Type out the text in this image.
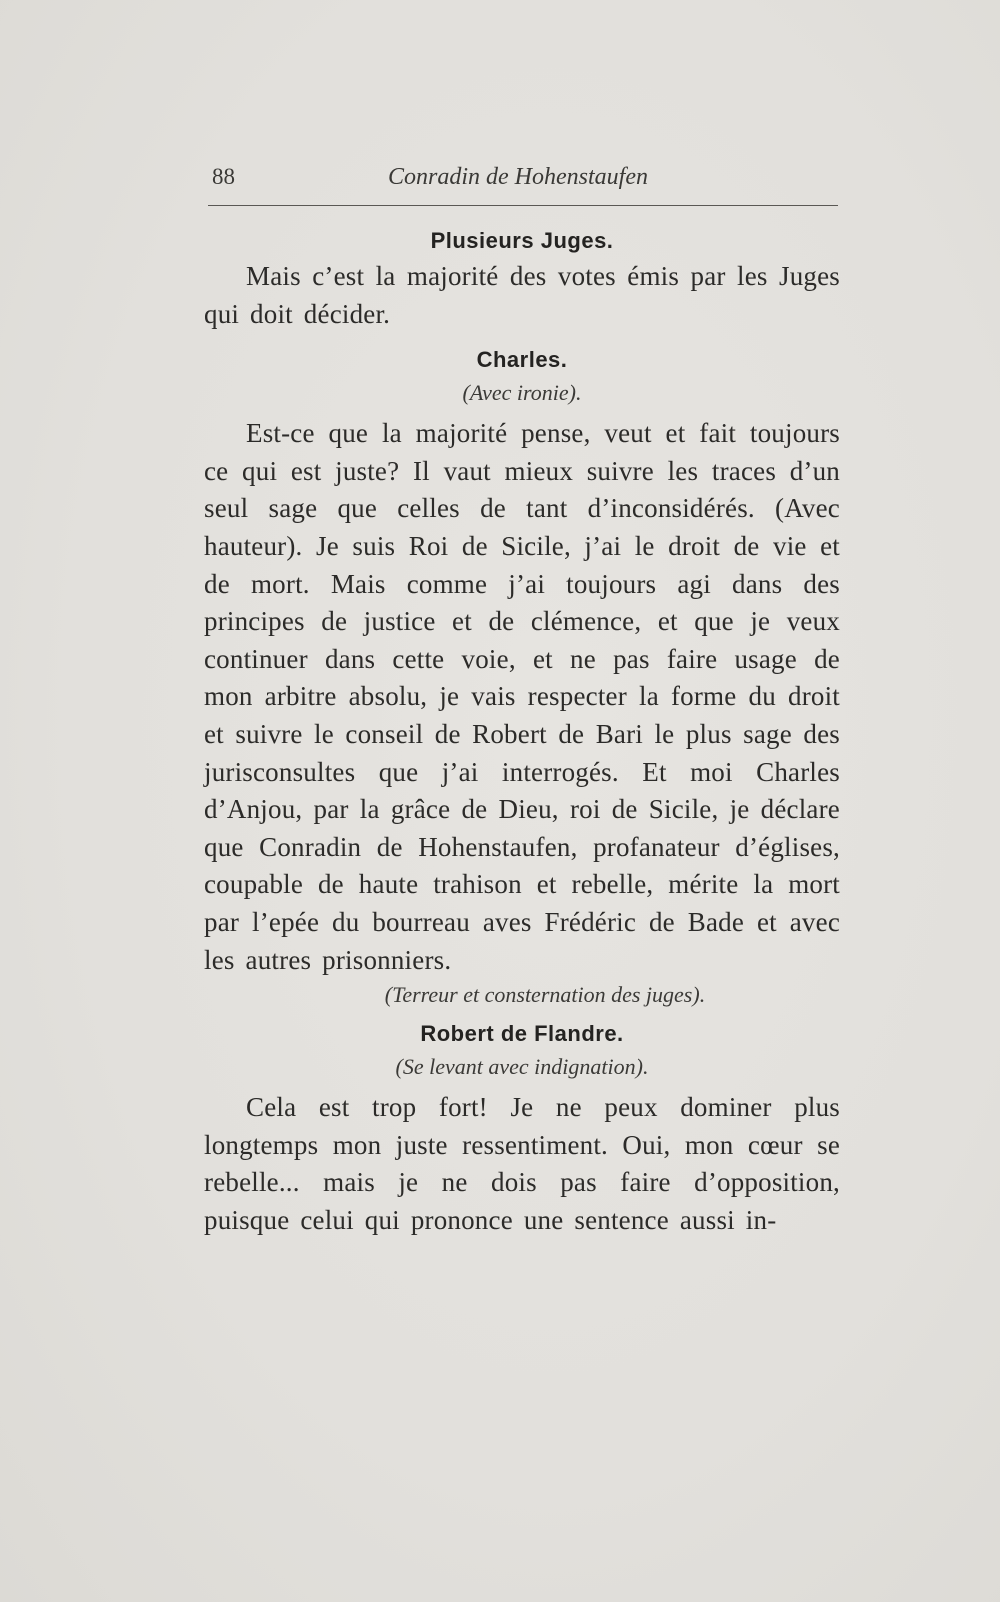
88	Conradin de Hohenstaufen

Plusieurs Juges.

Mais c’est la majorité des votes émis par les Juges qui doit décider.

Charles.

(Avec ironie).

Est-ce que la majorité pense, veut et fait toujours ce qui est juste? Il vaut mieux suivre les traces d’un seul sage que celles de tant d’inconsidérés. (Avec hauteur). Je suis Roi de Sicile, j’ai le droit de vie et de mort. Mais comme j’ai toujours agi dans des principes de justice et de clémence, et que je veux continuer dans cette voie, et ne pas faire usage de mon arbitre absolu, je vais respecter la forme du droit et suivre le conseil de Robert de Bari le plus sage des jurisconsultes que j’ai interrogés. Et moi Charles d’Anjou, par la grâce de Dieu, roi de Sicile, je déclare que Conradin de Hohenstaufen, profanateur d’églises, coupable de haute trahison et rebelle, mérite la mort par l’epée du bourreau aves Frédéric de Bade et avec les autres prisonniers.

(Terreur et consternation des juges).

Robert de Flandre.

(Se levant avec indignation).

Cela est trop fort! Je ne peux dominer plus longtemps mon juste ressentiment. Oui, mon cœur se rebelle... mais je ne dois pas faire d’opposition, puisque celui qui prononce une sentence aussi in-
